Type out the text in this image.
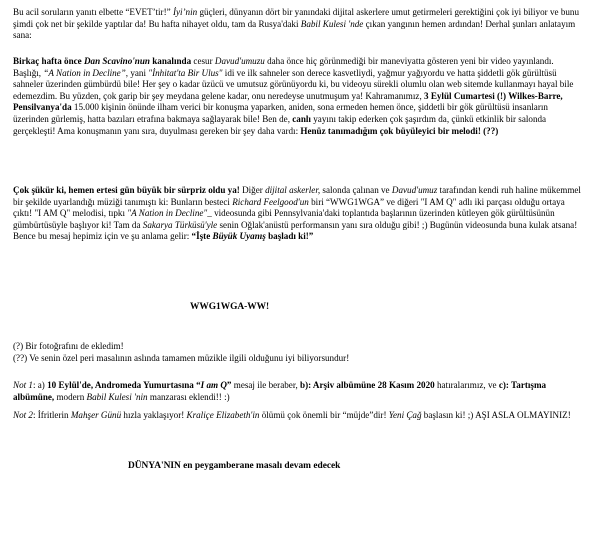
Bu acil soruların yanıtı elbette “EVET’tir!” İyi’nin güçleri, dünyanın dört bir yanındaki dijital askerlere umut getirmeleri gerektiğini çok iyi biliyor ve bunu şimdi çok net bir şekilde yaptılar da! Bu hafta nihayet oldu, tam da Rusya'daki Babil Kulesi 'nde çıkan yangının hemen ardından! Derhal şunları anlatayım sana:

Birkaç hafta önce Dan Scavino'nun kanalında cesur Davud'umuzu daha önce hiç görünmediği bir maneviyatta gösteren yeni bir video yayınlandı. Başlığı, “A Nation in Decline”, yani "İnhitat'ta Bir Ulus" idi ve ilk sahneler son derece kasvetliydi, yağmur yağıyordu ve hatta şiddetli gök gürültüsü sahneler üzerinden gümbürdü bile! Her şey o kadar üzücü ve umutsuz görünüyordu ki, bu videoyu sürekli olumlu olan web sitemde kullanmayı hayal bile edemezdim. Bu yüzden, çok garip bir şey meydana gelene kadar, onu neredeyse unutmuşum ya! Kahramanımız, 3 Eylül Cumartesi (!) Wilkes-Barre, Pensilvanya'da 15.000 kişinin önünde ilham verici bir konuşma yaparken, aniden, sona ermeden hemen önce, şiddetli bir gök gürültüsü insanların üzerinden gürlemiş, hatta bazıları etrafına bakmaya sağlayarak bile! Ben de, canlı yayını takip ederken çok şaşırdım da, çünkü etkinlik bir salonda gerçekleşti! Ama konuşmanın yanı sıra, duyulması gereken bir şey daha vardı: Henüz tanımadığım çok büyüleyici bir melodi! (??)

Çok şükür ki, hemen ertesi gün büyük bir sürpriz oldu ya! Diğer dijital askerler, salonda çalınan ve Davud'umuz tarafından kendi ruh haline mükemmel bir şekilde uyarlandığı müziği tanımıştı ki: Bunların besteci Richard Feelgood'un biri “WWG1WGA” ve diğeri "I AM Q" adlı iki parçası olduğu ortaya çıktı! "I AM Q" melodisi, tıpkı "A Nation in Decline"_ videosunda gibi Pennsylvania'daki toplantıda başlarının üzerinden kütleyen gök gürültüsünün gümbürtüsüyle başlıyor ki! Tam da Sakarya Türküsü'yle senin Oğlak'anüstü performansın yanı sıra olduğu gibi! ;) Bugünün videosunda buna kulak atsana! Bence bu mesaj hepimiz için ve şu anlama gelir: “İşte Büyük Uyanış başladı ki!”

WWG1WGA-WW!

(?) Bir fotoğrafını de ekledim!

(??) Ve senin özel peri masalının aslında tamamen müzikle ilgili olduğunu iyi biliyorsundur!

Not 1: a) 10 Eylül'de, Andromeda Yumurtasına “I am Q” mesaj ile beraber, b): Arşiv albümüne 28 Kasım 2020 hatıralarımız, ve c): Tartışma albümüne, modern Babil Kulesi 'nin manzarası eklendi!! :)

Not 2: İfritlerin Mahşer Günü hızla yaklaşıyor! Kraliçe Elizabeth'in ölümü çok önemli bir “müjde”dir! Yeni Çağ başlasın ki! ;) AŞI ASLA OLMAYINIZ!

DÜNYA'NIN en peygamberane masalı devam edecek
